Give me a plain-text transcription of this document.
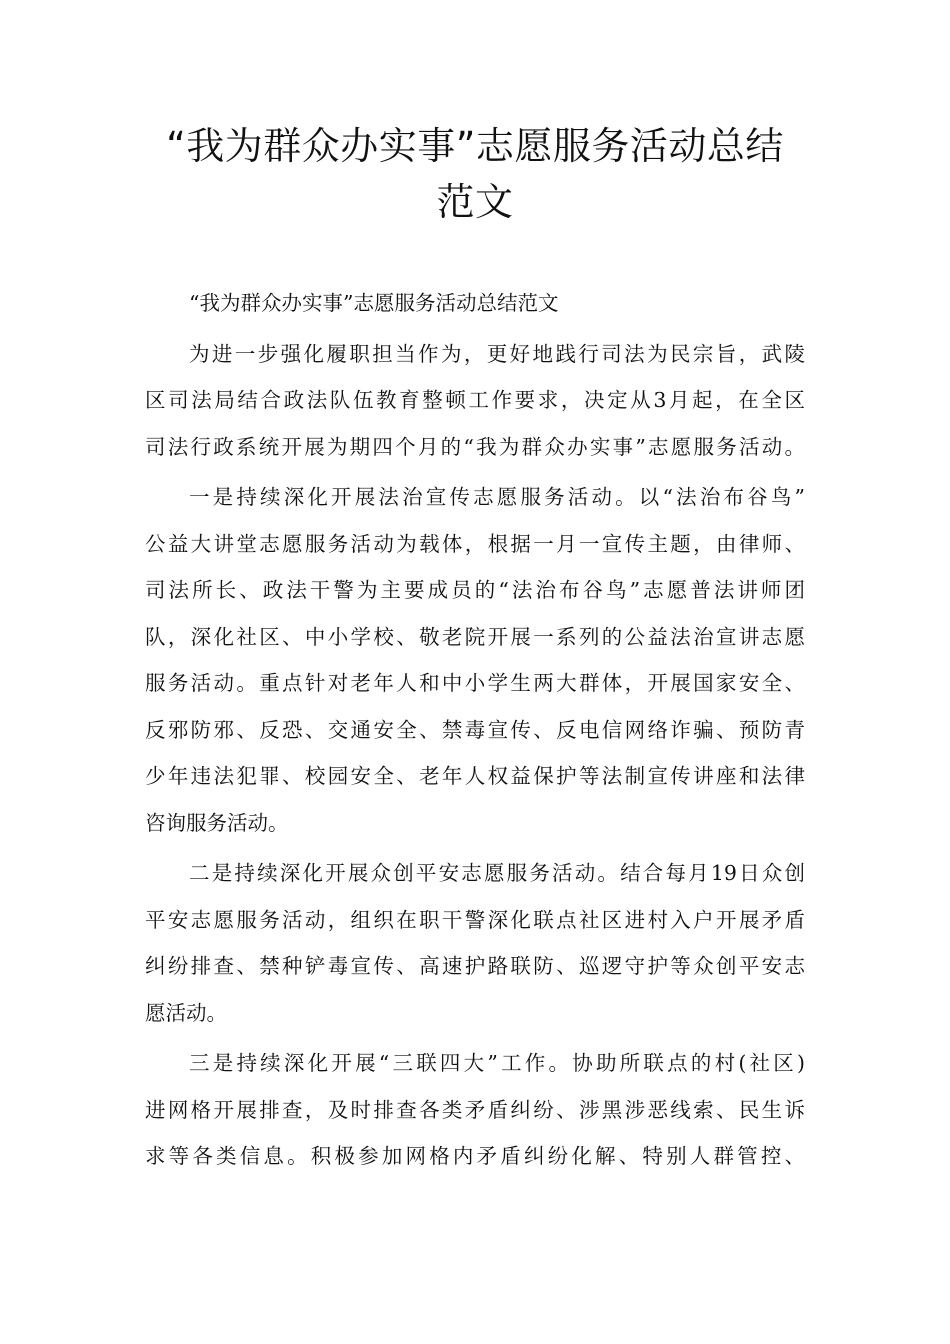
“我为群众办实事”志愿服务活动总结
范文
“我为群众办实事”志愿服务活动总结范文
为进一步强化履职担当作为，更好地践行司法为民宗旨，武陵
区司法局结合政法队伍教育整顿工作要求，决定从3月起，在全区
司法行政系统开展为期四个月的“我为群众办实事”志愿服务活动。
一是持续深化开展法治宣传志愿服务活动。以“法治布谷鸟”
公益大讲堂志愿服务活动为载体，根据一月一宣传主题，由律师、
司法所长、政法干警为主要成员的“法治布谷鸟”志愿普法讲师团
队，深化社区、中小学校、敬老院开展一系列的公益法治宣讲志愿
服务活动。重点针对老年人和中小学生两大群体，开展国家安全、
反邪防邪、反恐、交通安全、禁毒宣传、反电信网络诈骗、预防青
少年违法犯罪、校园安全、老年人权益保护等法制宣传讲座和法律
咨询服务活动。
二是持续深化开展众创平安志愿服务活动。结合每月19日众创
平安志愿服务活动，组织在职干警深化联点社区进村入户开展矛盾
纠纷排查、禁种铲毒宣传、高速护路联防、巡逻守护等众创平安志
愿活动。
三是持续深化开展“三联四大”工作。协助所联点的村(社区)
进网格开展排查，及时排查各类矛盾纠纷、涉黑涉恶线索、民生诉
求等各类信息。积极参加网格内矛盾纠纷化解、特别人群管控、
